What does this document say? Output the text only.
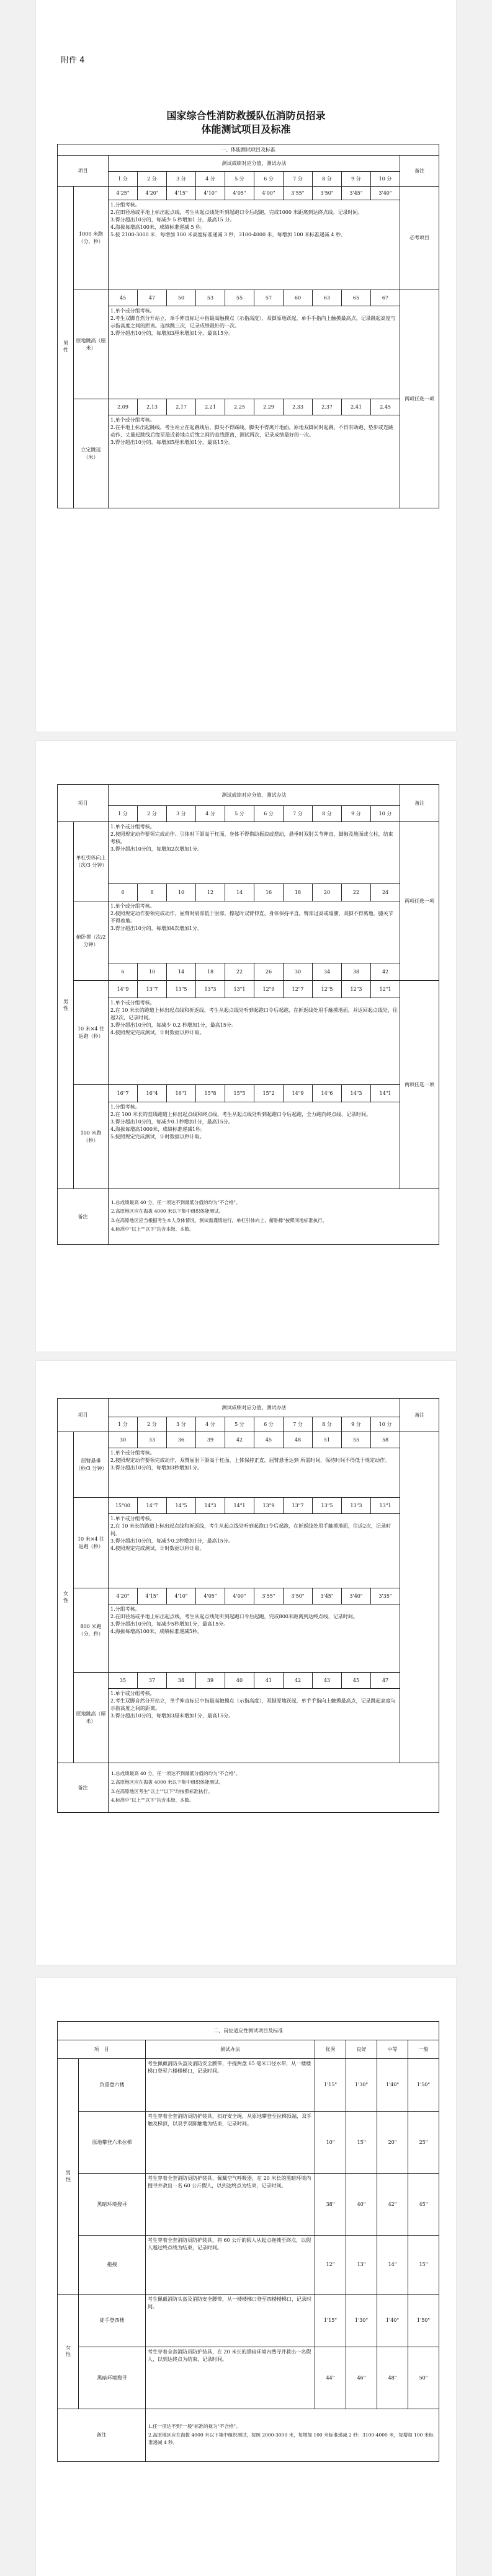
附件 4
国家综合性消防救援队伍消防员招录
体能测试项目及标准
一、体能测试项目及标准												
项目		测试成绩对应分值、测试办法										备注
		1 分	2 分	3 分	4 分	5 分	6 分	7 分	8 分	9 分	10 分	
男性	1000 米跑（分，秒）	4'25"	4'20"	4'15"	4'10"	4'05"	4'00"	3'55"	3'50"	3'45"	3'40"	必考项目
		1.分组考核。
2.在田径场或平地上标出起点线，考生从起点线处听到起跑口令后起跑，完成1000 米距离到达终点线。记录时间。
3.得分超出10分的，每减少 5 秒增加1 分，最高15 分。
4.海拔每增高100米，成绩标准递减 5 秒。
5.按 2100-3000 米，每增加 100 米高度标准递减 3 秒，3100-4000 米，每增加 100 米标准递减 4 秒。										
	原地跳高（厘米）	45	47	50	53	55	57	60	63	65	67	两项任选一项
		1.单个或分组考核。
2.考生双脚自然分开站立，单手伸直标记中指最高触摸点（示指高度），双脚原地跃起，单手手指向上触摸最高点。记录跳起高度与示指高度之间的距离。连续跳三次，记录成绩最好的一次。
3.得分超出10分的，每增加3厘米增加1分，最高15分。										
	立定跳远（米）	2.09	2.13	2.17	2.21	2.25	2.29	2.33	2.37	2.41	2.45	
		1.单个或分组考核。
2.在平地上标出起跳线，考生站立在起跳线后，脚尖不得踩线，脚尖不得离开地面，原地双脚同时起跳，不得有助跑、垫步或连跳动作，丈量起跳线后缘至最近着地点后缘之间的直线距离，测试两次，记录成绩最好的一次。
3.得分超出10分的，每增加5厘米增加1分，最高15分。										
项目		测试成绩对应分值、测试办法										备注
		1 分	2 分	3 分	4 分	5 分	6 分	7 分	8 分	9 分	10 分	
男性	单杠引体向上（次/3 分钟）	1.单个或分组考核。
2.按照规定动作要领完成动作。引体时下颌高于杠面，身体不得借助振浪或摆动，悬垂时双肘关节伸直，脚触及地面或立柱，结束考核。
3.得分超出10分的，每增加2次增加1分。										两项任选一项
		6	8	10	12	14	16	18	20	22	24	
	俯卧撑（次/2 分钟）	1.单个或分组考核。
2.按照规定动作要领完成动作，屈臂时肩部低于肘部，撑起时双臂伸直，身体保持平直。臀部过高或塌腰，双脚不得离地，膝关节不得着地。
3.得分超出10分的，每增加4次增加1分。										
		6	10	14	18	22	26	30	34	38	42	
	10 米×4 往返跑（秒）	14"9	13"7	13"5	13"3	13"1	12"9	12"7	12"5	12"3	12"1	两项任选一项
		1.单个或分组考核。
2.在 10 米长的跑道上标出起点线和折返线，考生从起点线处听到起跑口令后起跑，在折返线处用手触摸地面，并返回起点线处，往返2次，记录时间。
3.得分超出10分的，每减少 0.2 秒增加1分，最高15分。
4.按照规定完成测试，计时数据以秒计取。										
	100 米跑（秒）	16"7	16"4	16"1	15"8	15"5	15"2	14"9	14"6	14"3	14"1	
		1.分组考核。
2.在 100 米长的直线跑道上标出起点线和终点线，考生从起点线处听到起跑口令后起跑，全力跑向终点线，记录时间。
3.得分超出10分的，每减少0.1秒增加1分，最高15分。
4.海拔每增高1000米，成绩标准递减1秒。
5.按照规定完成测试，计时数据以秒计取。										
备注		1.总成绩最高 40 分，任一项达不到最低分值的均为"不合格"。
2.高原地区应在海拔 4000 米以下集中组织体能测试。
3.在高原地区应当根据考生本人身体情况，测试需谨慎进行，单杠引体向上、俯卧撑"按照同地标准执行。
4.标准中"以上""以下"均含本级、本数。										
项目		测试成绩对应分值、测试办法										备注
		1 分	2 分	3 分	4 分	5 分	6 分	7 分	8 分	9 分	10 分	
女性	屈臂悬垂（秒/3 分钟）	30	33	36	39	42	45	48	51	55	58	
		1.单个或分组考核。
2.按照规定动作要领完成动作，双臂屈肘下颌高于杠面，上体保持正直，屈臂悬垂达到 所需时间，保持时间不得低于规定动作。
3.得分超出10分的，每增加3秒增加1分。										
	10 米×4 往返跑（秒）	15"00	14"7	14"5	14"3	14"1	13"9	13"7	13"5	13"3	13"1	
		1.单个或分组考核。
2.在 10 米长的跑道上标出起点线和折返线，考生从起点线处听到起跑口令后起跑，在折返线处用手触摸地面，往返2次，记录时间。
3.得分超出10分的，每减少0.2秒增加1分，最高15分。
4.按照规定完成测试，计时数据以秒计取。										
	800 米跑（分，秒）	4'20"	4'15"	4'10"	4'05"	4'00"	3'55"	3'50"	3'45"	3'40"	3'35"	
		1.分组考核。
2.在田径场或平地上标出起点线，考生从起点线处听到起跑口令后起跑，完成800米距离到达终点线，记录时间。
3.得分超出10分的，每减少5秒增加1分，最高15分。
4.海拔每增高100米，成绩标准递减5秒。										
	原地跳高（厘米）	35	37	38	39	40	41	42	43	45	47	
		1.单个或分组考核。
2.考生双脚自然分开站立，单手伸直标记中指最高触摸点（示指高度），双脚原地跃起，单手手指向上触摸最高点，记录跳起高度与示指高度之间的距离。
3.得分超出10分的，每增加3厘米增加1分，最高15分。										
备注		1.总成绩最高 40 分，任一项达不到最低分值的均为"不合格"。
2.高原地区应在海拔 4000 米以下集中组织体能测试。
3.在高原地区考生"以上""以下"均按照标准执行。
4.标准中"以上""以下"均含本级、本数。										
二、岗位适应性测试项目及标准						
项　目		测试办法	优秀	良好	中等	一般
男性	负重登六楼	考生佩戴消防头盔及消防安全腰带，手提两盘 65 毫米口径水带，从一楼楼梯口登至六楼楼梯口，记录时间。	1'15"	1'30"	1'40"	1'50"
	原地攀登六米拉梯	考生穿着全套消防员防护装具，扣好安全绳，从原地攀登至拉梯顶端，双手触及梯顶，以双手双脚触地为结束，记录时间。	10"	15"	20"	25"
	黑暗环境搜寻	考生穿着全套消防员防护装具，佩戴空气呼吸器，在 20 米长的黑暗环境内搜寻并救出一名 60 公斤假人，以到达终点为结束，记录时间。	38"	40"	42"	45"
	拖拽	考生穿着全套消防员防护装具，将 60 公斤的假人从起点拖拽至终点，以假人越过终点线为结束，记录时间。	12"	13"	14"	15"
女性	徒手登四楼	考生佩戴消防头盔及消防安全腰带，从一楼楼梯口登至四楼楼梯口，记录时间。	1'15"	1'30"	1'40"	1'50"
	黑暗环境搜寻	考生穿着全套消防员防护装具，在 20 米长的黑暗环境内搜寻并救出一名假人，以到达终点为结束，记录时间。	44"	46"	48"	50"
备注		1.任一项达不到"一般"标准的视为"不合格"。
2.高原地区应在海拔 4000 米以下集中组织测试，按照 2000-3000 米，每增加 100 米标准递减 2 秒；3100-4000 米，每增加 100 米标准递减 4 秒。				
